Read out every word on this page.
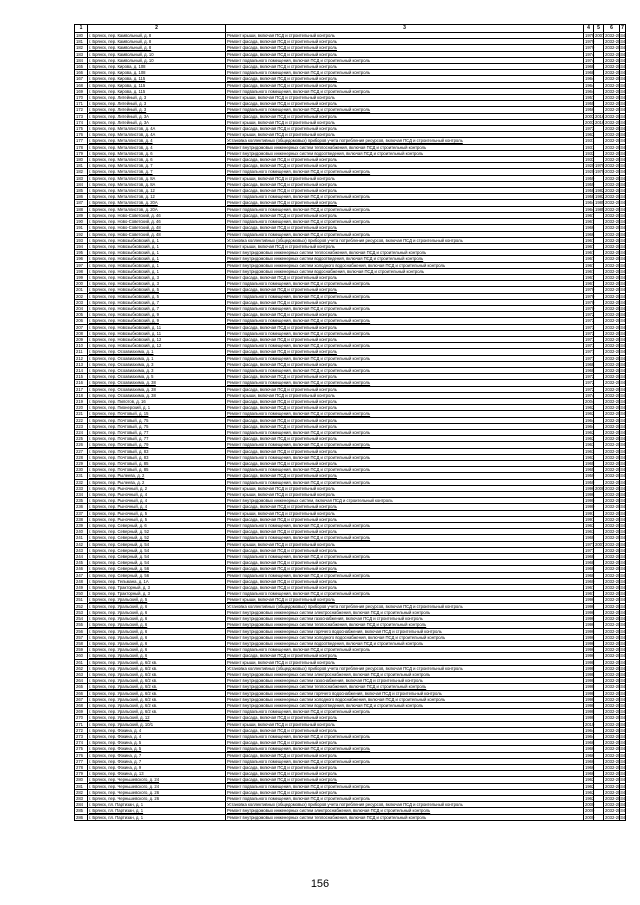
1	2	3	4	5	6	7
180	г. Брянск, пер. Камвольный, д. 8	Ремонт крыши, включая ПСД и строительный контроль	1979	2007	2032-2034	
181	г. Брянск, пер. Камвольный, д. 8	Ремонт фасада, включая ПСД и строительный контроль	1979		2032-2034	
182	г. Брянск, пер. Камвольный, д. 8	Ремонт фасада, включая ПСД и строительный контроль	1979		2032-2034	
183	г. Брянск, пер. Камвольный, д. 10	Ремонт фасада, включая ПСД и строительный контроль	1974		2032-2034	
184	г. Брянск, пер. Камвольный, д. 10	Ремонт подвального помещения, включая ПСД и строительный контроль	1974		2032-2034	
165	г. Брянск, пер. Кирова, д. 108	Ремонт фасада, включая ПСД и строительный контроль	1968		2032-2034	
166	г. Брянск, пер. Кирова, д. 108	Ремонт подвального помещения, включая ПСД и строительный контроль	1968		2032-2034	
167	г. Брянск, пер. Кирова, д. 115	Ремонт фасада, включая ПСД и строительный контроль	1964		2032-2034	
168	г. Брянск, пер. Кирова, д. 115	Ремонт фасада, включая ПСД и строительный контроль	1964		2032-2034	
169	г. Брянск, пер. Кирова, д. 115	Ремонт подвального помещения, включая ПСД и строительный контроль	1964		2032-2034	
170	г. Брянск, пер. Литейный, д. 3	Ремонт крыши, включая ПСД и строительный контроль	1957		2032-2034	
171	г. Брянск, пер. Литейный, д. 3	Ремонт фасада, включая ПСД и строительный контроль	1955		2032-2034	
172	г. Брянск, пер. Литейный, д. 3	Ремонт подвального помещения, включая ПСД и строительный контроль	1956		2032-2034	
173	г. Брянск, пер. Литейный, д. 3А	Ремонт фасада, включая ПСД и строительный контроль	2003	2016	2032-2034	
174	г. Брянск, пер. Литейный, д. 3А	Ремонт крыши, включая ПСД и строительный контроль	2003	2016	2032-2034	
175	г. Брянск, пер. Металлистов, д. 4А	Ремонт фасада, включая ПСД и строительный контроль	1973		2032-2034	
176	г. Брянск, пер. Металлистов, д. 4А	Ремонт крыши, включая ПСД и строительный контроль	1963		2032-2034	
177	г. Брянск, пер. Металлистов, д. 4	Установка коллективных (общедомовых) приборов учета потребления ресурсов, включая ПСД и строительный контроль	1931		2032-2034	
178	г. Брянск, пер. Металлистов, д. 4	Ремонт внутридомовых инженерных систем теплоснабжения, включая ПСД и строительный контроль	1931		2032-2034	
179	г. Брянск, пер. Металлистов, д. 6	Ремонт внутридомовых инженерных систем водоотведения, включая ПСД и строительный контроль	1933		2032-2034	
180	г. Брянск, пер. Металлистов, д. 6	Ремонт фасада, включая ПСД и строительный контроль	1933		2032-2034	
181	г. Брянск, пер. Металлистов, д. 7	Ремонт фасада, включая ПСД и строительный контроль	1920	1970	2032-2034	
182	г. Брянск, пер. Металлистов, д. 7	Ремонт подвального помещения, включая ПСД и строительный контроль	1920	1970	2032-2034	
183	г. Брянск, пер. Металлистов, д. 8А	Ремонт крыши, включая ПСД и строительный контроль	1959		2032-2034	
184	г. Брянск, пер. Металлистов, д. 8А	Ремонт фасада, включая ПСД и строительный контроль	1959		2032-2034	
185	г. Брянск, пер. Металлистов, д. 12	Ремонт фасада, включая ПСД и строительный контроль	1958	1982	2032-2034	
186	г. Брянск, пер. Металлистов, д. 12	Ремонт подвального помещения, включая ПСД и строительный контроль	1958	1982	2032-2034	
187	г. Брянск, пер. Металлистов, д. 20А	Ремонт фасада, включая ПСД и строительный контроль	1964	1985	2032-2034	
188	г. Брянск, пер. Металлистов, д. 20А	Ремонт подвального помещения, включая ПСД и строительный контроль	1964	1985	2032-2034	
189	г. Брянск, пер. Ново-Советский, д. 46	Ремонт фасада, включая ПСД и строительный контроль	1967		2032-2034	
190	г. Брянск, пер. Ново-Советский, д. 46	Ремонт подвального помещения, включая ПСД и строительный контроль	1967		2032-2034	
191	г. Брянск, пер. Ново-Советский, д. 48	Ремонт фасада, включая ПСД и строительный контроль	1966		2032-2034	
192	г. Брянск, пер. Ново-Советский, д. 48	Ремонт подвального помещения, включая ПСД и строительный контроль	1966		2032-2034	
193	г. Брянск, пер. Новозыбковский, д. 1	Установка коллективных (общедомовых) приборов учета потребления ресурсов, включая ПСД и строительный контроль	1967		2032-2034	
194	г. Брянск, пер. Новозыбковский, д. 1	Ремонт крыши, включая ПСД и строительный контроль	1967		2032-2034	
195	г. Брянск, пер. Новозыбковский, д. 1	Ремонт внутридомовых инженерных систем теплоснабжения, включая ПСД и строительный контроль	1967		2032-2034	
196	г. Брянск, пер. Новозыбковский, д. 1	Ремонт внутридомовых инженерных систем водоотведения, включая ПСД и строительный контроль	1967		2032-2034	
197	г. Брянск, пер. Новозыбковский, д. 1	Ремонт внутридомовых инженерных систем холодного водоснабжения, включая ПСД и строительный контроль	1967		2032-2034	
198	г. Брянск, пер. Новозыбковский, д. 1	Ремонт внутридомовых инженерных систем водоснабжения, включая ПСД и строительный контроль	1967		2032-2034	
199	г. Брянск, пер. Новозыбковский, д. 3	Ремонт фасада, включая ПСД и строительный контроль	1967		2032-2034	
200	г. Брянск, пер. Новозыбковский, д. 3	Ремонт подвального помещения, включая ПСД и строительный контроль	1967		2032-2034	
201	г. Брянск, пер. Новозыбковский, д. 5	Ремонт фасада, включая ПСД и строительный контроль	1970		2032-2034	
202	г. Брянск, пер. Новозыбковский, д. 5	Ремонт подвального помещения, включая ПСД и строительный контроль	1970		2032-2034	
203	г. Брянск, пер. Новозыбковский, д. 7	Ремонт фасада, включая ПСД и строительный контроль	1970		2032-2034	
204	г. Брянск, пер. Новозыбковский, д. 7	Ремонт подвального помещения, включая ПСД и строительный контроль	1970		2032-2034	
205	г. Брянск, пер. Новозыбковский, д. 9	Ремонт фасада, включая ПСД и строительный контроль	1972		2032-2034	
206	г. Брянск, пер. Новозыбковский, д. 9	Ремонт подвального помещения, включая ПСД и строительный контроль	1972		2032-2034	
207	г. Брянск, пер. Новозыбковский, д. 11	Ремонт фасада, включая ПСД и строительный контроль	1973		2032-2034	
208	г. Брянск, пер. Новозыбковский, д. 11	Ремонт подвального помещения, включая ПСД и строительный контроль	1973		2032-2034	
209	г. Брянск, пер. Новозыбковский, д. 12	Ремонт фасада, включая ПСД и строительный контроль	1971		2032-2034	
210	г. Брянск, пер. Новозыбковский, д. 12	Ремонт подвального помещения, включая ПСД и строительный контроль	1971		2032-2034	
211	г. Брянск, пер. Осоавиахима, д. 1	Ремонт фасада, включая ПСД и строительный контроль	1977		2032-2034	
212	г. Брянск, пер. Осоавиахима, д. 1	Ремонт подвального помещения, включая ПСД и строительный контроль	1977		2032-2034	
213	г. Брянск, пер. Осоавиахима, д. 3	Ремонт фасада, включая ПСД и строительный контроль	1968		2032-2034	
214	г. Брянск, пер. Осоавиахима, д. 3	Ремонт подвального помещения, включая ПСД и строительный контроль	1968		2032-2034	
215	г. Брянск, пер. Осоавиахима, д. 5	Ремонт фасада, включая ПСД и строительный контроль	1972		2032-2034	
216	г. Брянск, пер. Осоавиахима, д. 38	Ремонт подвального помещения, включая ПСД и строительный контроль	1972		2032-2034	
217	г. Брянск, пер. Осоавиахима, д. 38	Ремонт фасада, включая ПСД и строительный контроль	1972		2032-2034	
218	г. Брянск, пер. Осоавиахима, д. 38	Ремонт крыши, включая ПСД и строительный контроль	1974		2032-2034	
219	г. Брянск, пер. Пилотов, д. 16	Ремонт фасада, включая ПСД и строительный контроль	2004		2032-2034	
220	г. Брянск, пер. Пионерский, д. 1	Ремонт фасада, включая ПСД и строительный контроль	1962		2032-2034	
221	г. Брянск, пер. Почтовый, д. 15	Ремонт подвального помещения, включая ПСД и строительный контроль	1962		2032-2034	
222	г. Брянск, пер. Почтовый, д. 75	Ремонт фасада, включая ПСД и строительный контроль	1964		2032-2034	
223	г. Брянск, пер. Почтовый, д. 75	Ремонт фасада, включая ПСД и строительный контроль	1964		2032-2034	
224	г. Брянск, пер. Почтовый, д. 77	Ремонт подвального помещения, включая ПСД и строительный контроль	1962		2032-2034	
225	г. Брянск, пер. Почтовый, д. 77	Ремонт фасада, включая ПСД и строительный контроль	1962		2032-2034	
226	г. Брянск, пер. Почтовый, д. 79	Ремонт подвального помещения, включая ПСД и строительный контроль	1963		2032-2034	
227	г. Брянск, пер. Почтовый, д. 83	Ремонт фасада, включая ПСД и строительный контроль	1963		2032-2034	
228	г. Брянск, пер. Почтовый, д. 83	Ремонт подвального помещения, включая ПСД и строительный контроль	1963		2032-2034	
229	г. Брянск, пер. Почтовый, д. 85	Ремонт фасада, включая ПСД и строительный контроль	1965		2032-2034	
230	г. Брянск, пер. Почтовый, д. 85	Ремонт подвального помещения, включая ПСД и строительный контроль	1965		2032-2034	
231	г. Брянск, пер. Рылеева, д. 2	Ремонт фасада, включая ПСД и строительный контроль	1959		2032-2034	
232	г. Брянск, пер. Рылеева, д. 2	Ремонт подвального помещения, включая ПСД и строительный контроль	1959		2032-2034	
233	г. Брянск, пер. Рыночный, д. 2	Ремонт крыши, включая ПСД и строительный контроль	1996	2008	2032-2034	
234	г. Брянск, пер. Рыночный, д. 4	Ремонт крыши, включая ПСД и строительный контроль	1996		2032-2034	
235	г. Брянск, пер. Рыночный, д. 4	Ремонт внутридомовых инженерных систем, включая ПСД и строительный контроль	1990		2032-2034	
236	г. Брянск, пер. Рыночный, д. 4	Ремонт фасада, включая ПСД и строительный контроль	1990		2032-2034	
237	г. Брянск, пер. Рыночный, д. 5	Ремонт крыши, включая ПСД и строительный контроль	1991		2032-2034	
238	г. Брянск, пер. Рыночный, д. 5	Ремонт фасада, включая ПСД и строительный контроль	1991		2032-2034	
239	г. Брянск, пер. Северный, д. 6	Ремонт подвального помещения, включая ПСД и строительный контроль	1963		2032-2034	
240	г. Брянск, пер. Северный, д. 52	Ремонт фасада, включая ПСД и строительный контроль	1963		2032-2034	
241	г. Брянск, пер. Северный, д. 52	Ремонт подвального помещения, включая ПСД и строительный контроль	1968		2032-2034	
242	г. Брянск, пер. Северный, д. 54	Ремонт крыши, включая ПСД и строительный контроль	1977	2007	2032-2034	
243	г. Брянск, пер. Северный, д. 54	Ремонт фасада, включая ПСД и строительный контроль	1977		2032-2034	
244	г. Брянск, пер. Северный, д. 54	Ремонт подвального помещения, включая ПСД и строительный контроль	1968		2032-2034	
245	г. Брянск, пер. Северный, д. 54	Ремонт фасада, включая ПСД и строительный контроль	1968		2032-2034	
246	г. Брянск, пер. Северный, д. 56	Ремонт фасада, включая ПСД и строительный контроль	1968		2032-2034	
247	г. Брянск, пер. Северный, д. 56	Ремонт подвального помещения, включая ПСД и строительный контроль	1968		2032-2034	
248	г. Брянск, пер. Тельмана, д. 1А	Ремонт фасада, включая ПСД и строительный контроль	1960		2032-2034	
249	г. Брянск, пер. Тракторный, д. 3	Ремонт фасада, включая ПСД и строительный контроль	1967		2032-2034	
250	г. Брянск, пер. Тракторный, д. 3	Ремонт подвального помещения, включая ПСД и строительный контроль	1967		2032-2034	
251	г. Брянск, пер. Уральский, д. 5	Ремонт крыши, включая ПСД и строительный контроль	1996		2032-2034	
252	г. Брянск, пер. Уральский, д. 6	Установка коллективных (общедомовых) приборов учета потребления ресурсов, включая ПСД и строительный контроль	1996		2032-2034	
253	г. Брянск, пер. Уральский, д. 6	Ремонт внутридомовых инженерных систем электроснабжения, включая ПСД и строительный контроль	1996		2032-2034	
254	г. Брянск, пер. Уральский, д. 6	Ремонт внутридомовых инженерных систем газоснабжения, включая ПСД и строительный контроль	1996		2032-2034	
255	г. Брянск, пер. Уральский, д. 6	Ремонт внутридомовых инженерных систем теплоснабжения, включая ПСД и строительный контроль	1996		2032-2034	
256	г. Брянск, пер. Уральский, д. 6	Ремонт внутридомовых инженерных систем горячего водоснабжения, включая ПСД и строительный контроль	1996		2032-2034	
257	г. Брянск, пер. Уральский, д. 6	Ремонт внутридомовых инженерных систем холодного водоснабжения, включая ПСД и строительный контроль	1996		2032-2034	
258	г. Брянск, пер. Уральский, д. 6	Ремонт внутридомовых инженерных систем водоотведения, включая ПСД и строительный контроль	1996		2032-2034	
259	г. Брянск, пер. Уральский, д. 6	Ремонт подвального помещения, включая ПСД и строительный контроль	1996		2032-2034	
260	г. Брянск, пер. Уральский, д. 6	Ремонт фасада, включая ПСД и строительный контроль	1996		2032-2034	
261	г. Брянск, пер. Уральский, д. 6/2 кв.	Ремонт крыши, включая ПСД и строительный контроль	1998		2032-2034	
262	г. Брянск, пер. Уральский, д. 6/2 кв.	Установка коллективных (общедомовых) приборов учета потребления ресурсов, включая ПСД и строительный контроль	1998		2032-2034	
263	г. Брянск, пер. Уральский, д. 6/2 кв.	Ремонт внутридомовых инженерных систем электроснабжения, включая ПСД и строительный контроль	1998		2032-2034	
264	г. Брянск, пер. Уральский, д. 6/2 кв.	Ремонт внутридомовых инженерных систем газоснабжения, включая ПСД и строительный контроль	1998		2032-2034	
265	г. Брянск, пер. Уральский, д. 6/2 кв.	Ремонт внутридомовых инженерных систем теплоснабжения, включая ПСД и строительный контроль	1998		2032-2034	
266	г. Брянск, пер. Уральский, д. 6/2 кв.	Ремонт внутридомовых инженерных систем горячего водоснабжения, включая ПСД и строительный контроль	1998		2032-2034	
267	г. Брянск, пер. Уральский, д. 6/2 кв.	Ремонт внутридомовых инженерных систем холодного водоснабжения, включая ПСД и строительный контроль	1998		2032-2034	
268	г. Брянск, пер. Уральский, д. 6/2 кв.	Ремонт внутридомовых инженерных систем водоотведения, включая ПСД и строительный контроль	1998		2032-2034	
269	г. Брянск, пер. Уральский, д. 6/2 кв.	Ремонт подвального помещения, включая ПСД и строительный контроль	1998		2032-2034	
270	г. Брянск, пер. Уральский, д. 12	Ремонт фасада, включая ПСД и строительный контроль	1998		2032-2034	
271	г. Брянск, пер. Уральский, д. 10/1	Ремонт крыши, включая ПСД и строительный контроль	2010		2032-2034	
272	г. Брянск, пер. Фокина, д. 4	Ремонт фасада, включая ПСД и строительный контроль	1964		2032-2034	
273	г. Брянск, пер. Фокина, д. 4	Ремонт подвального помещения, включая ПСД и строительный контроль	1964		2032-2034	
274	г. Брянск, пер. Фокина, д. 5	Ремонт фасада, включая ПСД и строительный контроль	1966		2032-2034	
275	г. Брянск, пер. Фокина, д. 5	Ремонт подвального помещения, включая ПСД и строительный контроль	1966		2032-2034	
276	г. Брянск, пер. Фокина, д. 7	Ремонт фасада, включая ПСД и строительный контроль	1966		2032-2034	
277	г. Брянск, пер. Фокина, д. 7	Ремонт подвального помещения, включая ПСД и строительный контроль	1966		2032-2034	
278	г. Брянск, пер. Фокина, д. 9	Ремонт фасада, включая ПСД и строительный контроль	1966		2032-2034	
279	г. Брянск, пер. Фокина, д. 13	Ремонт фасада, включая ПСД и строительный контроль	1966		2032-2034	
280	г. Брянск, пер. Черньшевского, д. 24	Ремонт фасада, включая ПСД и строительный контроль	1962		2032-2034	
281	г. Брянск, пер. Черньшевского, д. 24	Ремонт подвального помещения, включая ПСД и строительный контроль	1962		2032-2034	
282	г. Брянск, пер. Черньшевского, д. 26	Ремонт фасада, включая ПСД и строительный контроль	1962		2032-2034	
283	г. Брянск, пер. Черньшевского, д. 26	Ремонт подвального помещения, включая ПСД и строительный контроль	1962		2032-2034	
284	г. Брянск, пл. Партизан, д. 1	Установка коллективных (общедомовых) приборов учета потребления ресурсов, включая ПСД и строительный контроль	2000		2032-2034	
285	г. Брянск, пл. Партизан, д. 1	Ремонт внутридомовых инженерных систем электроснабжения, включая ПСД и строительный контроль	2000		2032-2034	
286	г. Брянск, пл. Партизан, д. 1	Ремонт внутридомовых инженерных систем теплоснабжения, включая ПСД и строительный контроль	2000		2032-2034	
156
